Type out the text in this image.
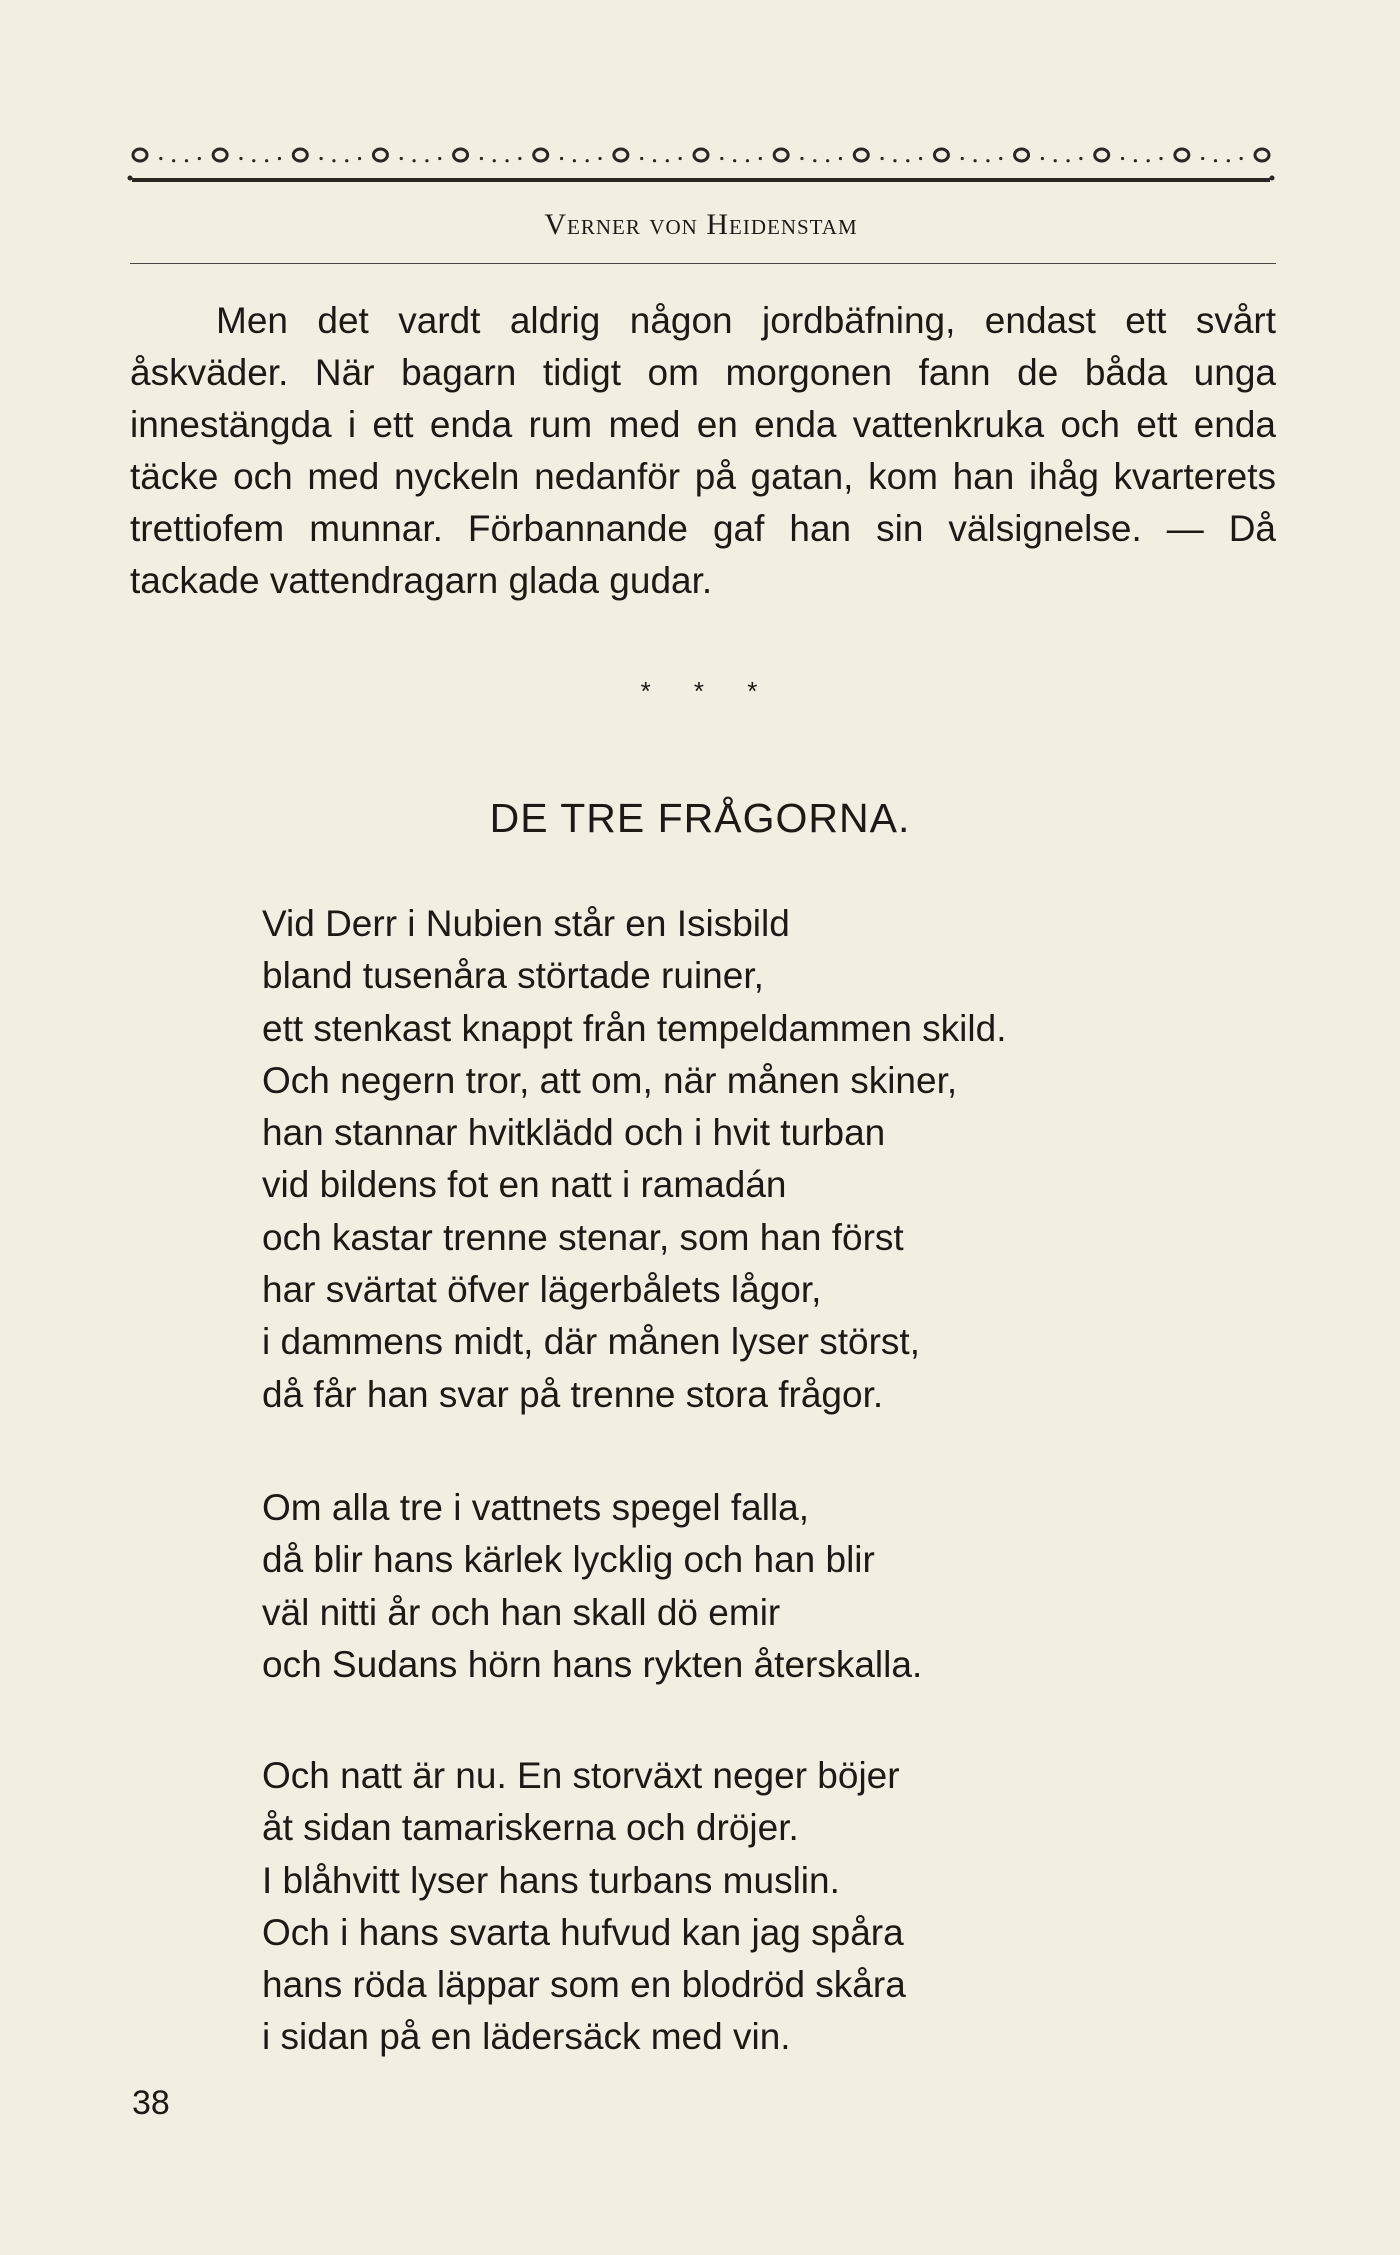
Verner von Heidenstam

Men det vardt aldrig någon jordbäfning, endast ett svårt åskväder. När bagarn tidigt om morgonen fann de båda unga innestängda i ett enda rum med en enda vattenkruka och ett enda täcke och med nyckeln nedanför på gatan, kom han ihåg kvarterets trettiofem munnar. Förbannande gaf han sin välsignelse. — Då tackade vattendragarn glada gudar.

* * *
DE TRE FRÅGORNA.
Vid Derr i Nubien står en Isisbild
bland tusenåra störtade ruiner,
ett stenkast knappt från tempeldammen skild.
Och negern tror, att om, när månen skiner,
han stannar hvitklädd och i hvit turban
vid bildens fot en natt i ramadán
och kastar trenne stenar, som han först
har svärtat öfver lägerbålets lågor,
i dammens midt, där månen lyser störst,
då får han svar på trenne stora frågor.
Om alla tre i vattnets spegel falla,
då blir hans kärlek lycklig och han blir
väl nitti år och han skall dö emir
och Sudans hörn hans rykten återskalla.
Och natt är nu. En storväxt neger böjer
åt sidan tamariskerna och dröjer.
I blåhvitt lyser hans turbans muslin.
Och i hans svarta hufvud kan jag spåra
hans röda läppar som en blodröd skåra
i sidan på en lädersäck med vin.
38
